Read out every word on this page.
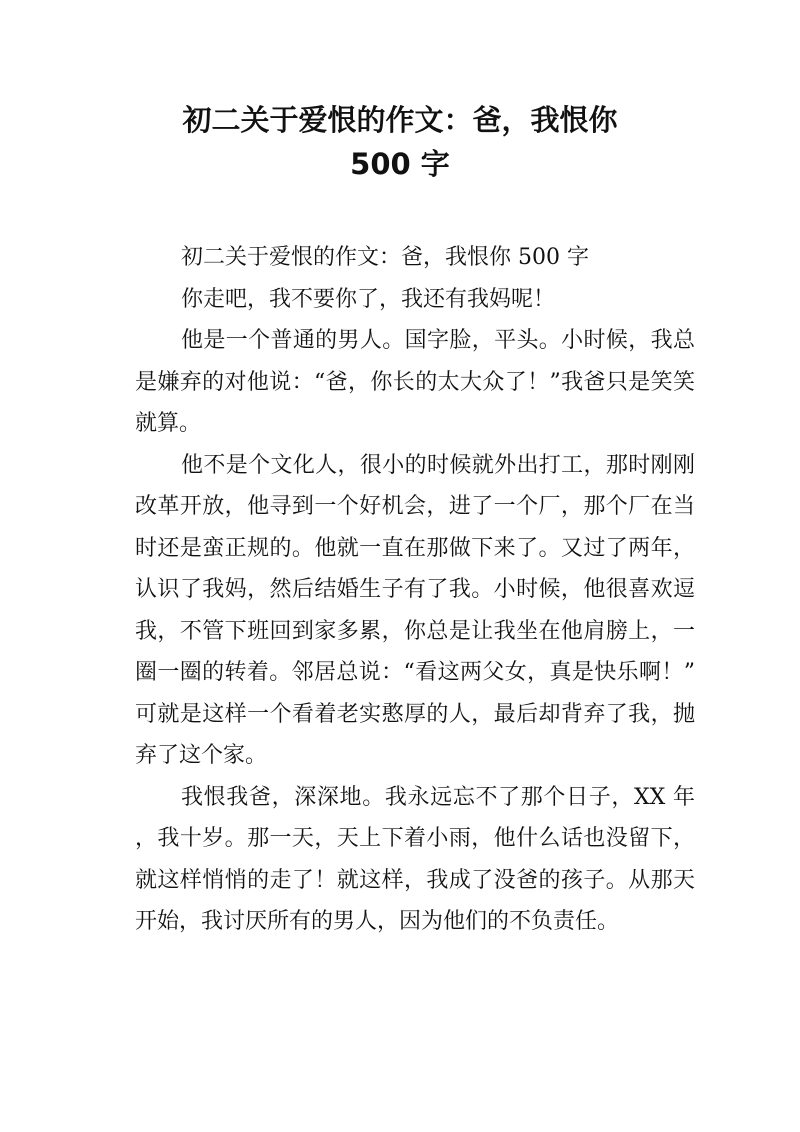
初二关于爱恨的作文：爸，我恨你
500 字

初二关于爱恨的作文：爸，我恨你 500 字

你走吧，我不要你了，我还有我妈呢！

他是一个普通的男人。国字脸，平头。小时候，我总是嫌弃的对他说：“爸，你长的太大众了！”我爸只是笑笑就算。

他不是个文化人，很小的时候就外出打工，那时刚刚改革开放，他寻到一个好机会，进了一个厂，那个厂在当时还是蛮正规的。他就一直在那做下来了。又过了两年，认识了我妈，然后结婚生子有了我。小时候，他很喜欢逗我，不管下班回到家多累，你总是让我坐在他肩膀上，一圈一圈的转着。邻居总说：“看这两父女，真是快乐啊！”可就是这样一个看着老实憨厚的人，最后却背弃了我，抛弃了这个家。

我恨我爸，深深地。我永远忘不了那个日子，XX 年，我十岁。那一天，天上下着小雨，他什么话也没留下，就这样悄悄的走了！就这样，我成了没爸的孩子。从那天开始，我讨厌所有的男人，因为他们的不负责任。
